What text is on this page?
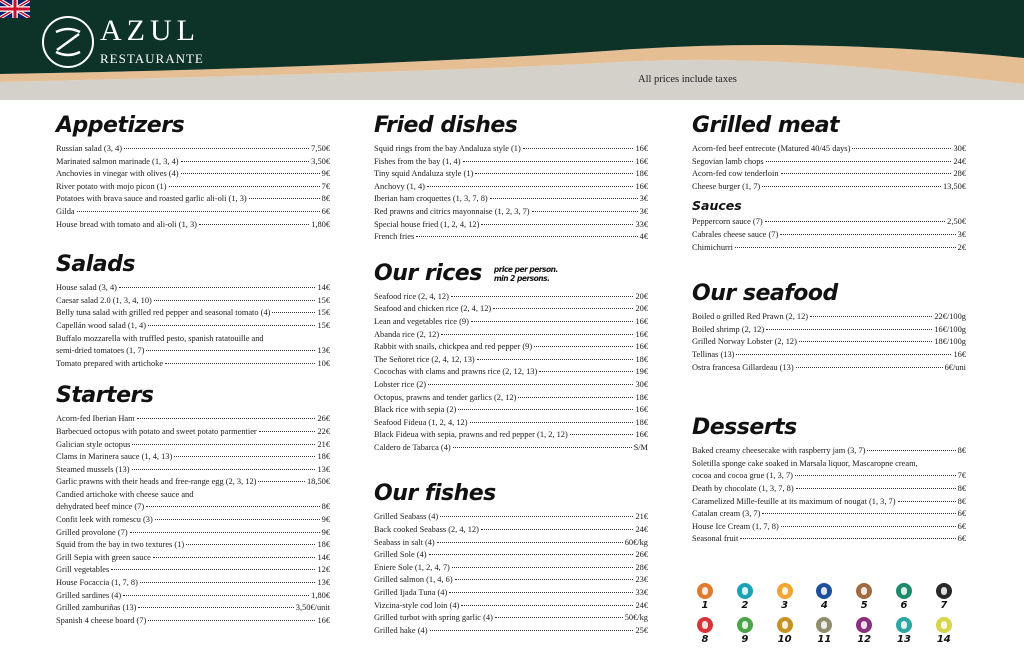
AZUL
RESTAURANTE
All prices include taxes
Appetizers
Russian salad (3, 4)	7,50€
Marinated salmon marinade (1, 3, 4)	3,50€
Anchovies in vinegar with olives (4)	9€
River potato with mojo picon (1)	7€
Potatoes with brava sauce and roasted garlic ali-oli (1, 3)	8€
Gilda	6€
House bread with tomato and ali-oli (1, 3)	1,80€
Salads
House salad (3, 4)	14€
Caesar salad 2.0 (1, 3, 4, 10)	15€
Belly tuna salad with grilled red pepper and seasonal tomato (4)	15€
Capellán wood salad (1, 4)	15€
Buffalo mozzarella with truffled pesto, spanish ratatouille and
semi-dried tomatoes (1, 7)	13€
Tomato prepared with artichoke	10€
Starters
Acorn-fed Iberian Ham	26€
Barbecued octopus with potato and sweet potato parmentier	22€
Galician style octopus	21€
Clams in Marinera sauce (1, 4, 13)	18€
Steamed mussels (13)	13€
Garlic prawns with their heads and free-range egg (2, 3, 12)	18,50€
Candied artichoke with cheese sauce and
dehydrated beef mince (7)	8€
Confit leek with romescu (3)	9€
Grilled provolone (7)	9€
Squid from the bay in two textures (1)	18€
Grill Sepia with green sauce	14€
Grill vegetables	12€
House Focaccia (1, 7, 8)	13€
Grilled sardines (4)	1,80€
Grilled zamburiñas (13)	3,50€/unit
Spanish 4 cheese board (7)	16€
Fried dishes
Squid rings from the bay Andaluza style (1)	16€
Fishes from the bay (1, 4)	16€
Tiny squid Andaluza style (1)	18€
Anchovy (1, 4)	16€
Iberian ham croquettes (1, 3, 7, 8)	3€
Red prawns and citrics mayonnaise (1, 2, 3, 7)	3€
Special house fried (1, 2, 4, 12)	33€
French fries	4€
Our rices price per person.
min 2 persons.
Seafood rice (2, 4, 12)	20€
Seafood and chicken rice (2, 4, 12)	20€
Lean and vegetables rice (9)	16€
Abanda rice (2, 12)	16€
Rabbit with snails, chickpea and red pepper (9)	16€
The Señoret rice (2, 4, 12, 13)	18€
Cocochas with clams and prawns rice (2, 12, 13)	19€
Lobster rice (2)	30€
Octopus, prawns and tender garlics (2, 12)	18€
Black rice with sepia (2)	16€
Seafood Fideua (1, 2, 4, 12)	18€
Black Fideua with sepia, prawns and red pepper (1, 2, 12)	16€
Caldero de Tabarca (4)	S/M
Our fishes
Grilled Seabass (4)	21€
Back cooked Seabass (2, 4, 12)	24€
Seabass in salt (4)	60€/kg
Grilled Sole (4)	26€
Eniere Sole (1, 2, 4, 7)	28€
Grilled salmon (1, 4, 6)	23€
Grilled Ijada Tuna (4)	33€
Vizcina-style cod loin (4)	24€
Grilled turbot with spring garlic (4)	50€/kg
Grilled hake (4)	25€
Grilled meat
Acorn-fed beef entrecote (Matured 40/45 days)	30€
Segovian lamb chops	24€
Acorn-fed cow tenderloin	28€
Cheese burger (1, 7)	13,50€
Sauces
Peppercorn sauce (7)	2,50€
Cabrales cheese sauce (7)	3€
Chimichurri	2€
Our seafood
Boiled o grilled Red Prawn (2, 12)	22€/100g
Boiled shrimp (2, 12)	16€/100g
Grilled Norway Lobster (2, 12)	18€/100g
Tellinas (13)	16€
Ostra francesa Gillardeau (13)	6€/uni
Desserts
Baked creamy cheesecake with raspberry jam (3, 7)	8€
Soletilla sponge cake soaked in Marsala liquor, Mascaropne cream,
cocoa and cocoa grue (1, 3, 7)	7€
Death by chocolate (1, 3, 7, 8)	8€
Caramelized Mille-feuille at its maximum of nougat (1, 3, 7)	8€
Catalan cream (3, 7)	6€
House Ice Cream (1, 7, 8)	6€
Seasonal fruit	6€
1	2	3	4	5	6	7
8	9	10	11	12	13	14
